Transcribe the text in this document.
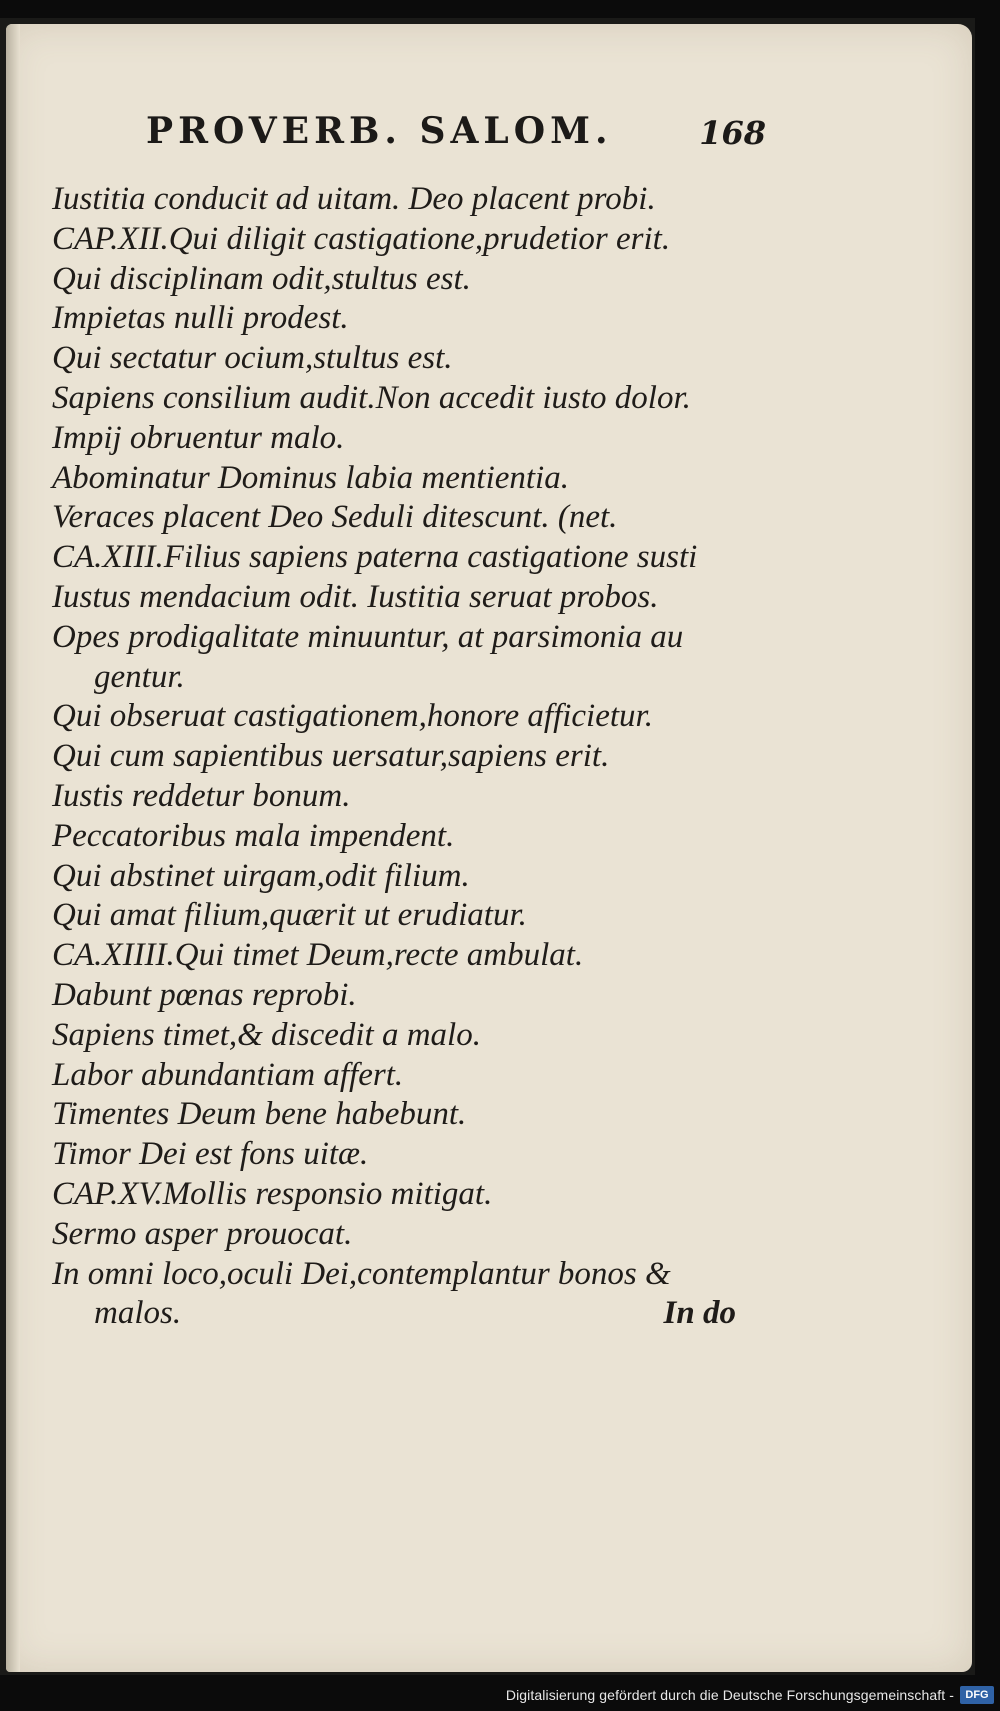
PROVERB. SALOM.	168
Iustitia conducit ad uitam. Deo placent probi.
CAP.XII.Qui diligit castigatione,prudetior erit.
Qui disciplinam odit,stultus est.
Impietas nulli prodest.
Qui sectatur ocium,stultus est.
Sapiens consilium audit.Non accedit iusto dolor.
Impij obruentur malo.
Abominatur Dominus labia mentientia.
Veraces placent Deo Seduli ditescunt. (net.
CA.XIII.Filius sapiens paterna castigatione susti
Iustus mendacium odit. Iustitia seruat probos.
Opes prodigalitate minuuntur, at parsimonia au
gentur.
Qui obseruat castigationem,honore afficietur.
Qui cum sapientibus uersatur,sapiens erit.
Iustis reddetur bonum.
Peccatoribus mala impendent.
Qui abstinet uirgam,odit filium.
Qui amat filium,quærit ut erudiatur.
CA.XIIII.Qui timet Deum,recte ambulat.
Dabunt pœnas reprobi.
Sapiens timet,& discedit a malo.
Labor abundantiam affert.
Timentes Deum bene habebunt.
Timor Dei est fons uitæ.
CAP.XV.Mollis responsio mitigat.
Sermo asper prouocat.
In omni loco,oculi Dei,contemplantur bonos &
malos.	In do
Digitalisierung gefördert durch die Deutsche Forschungsgemeinschaft -	DFG
